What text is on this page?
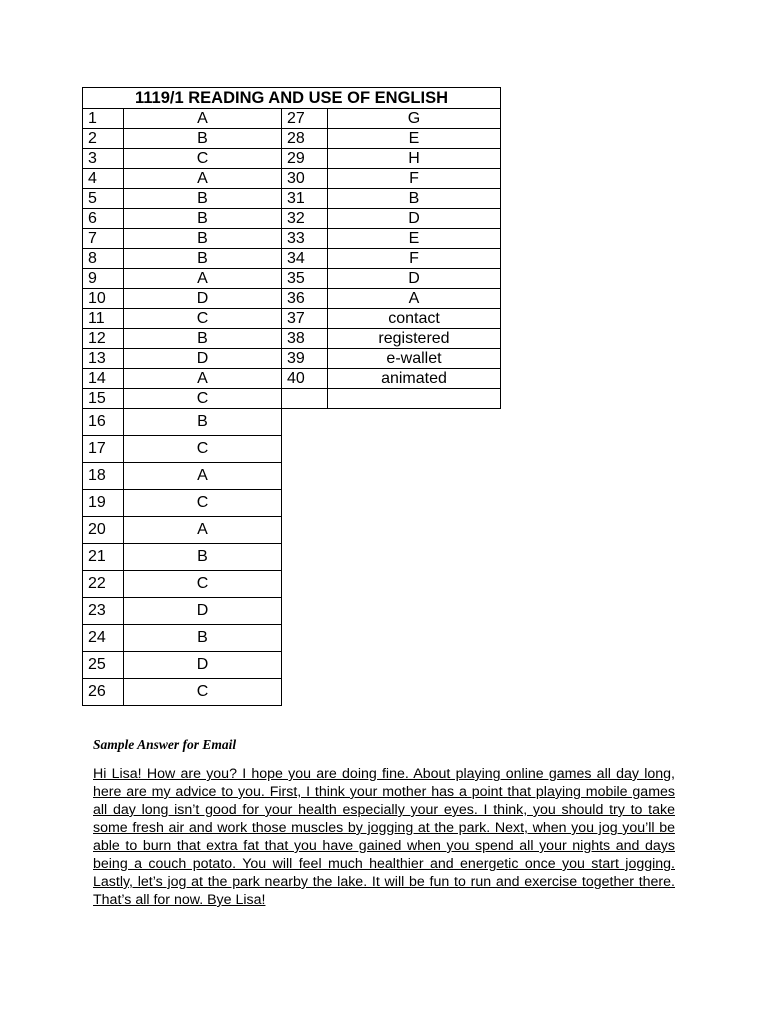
1119/1 READING AND USE OF ENGLISH			
1	A	27	G
2	B	28	E
3	C	29	H
4	A	30	F
5	B	31	B
6	B	32	D
7	B	33	E
8	B	34	F
9	A	35	D
10	D	36	A
11	C	37	contact
12	B	38	registered
13	D	39	e-wallet
14	A	40	animated
15	C		
16	B		
17	C		
18	A		
19	C		
20	A		
21	B		
22	C		
23	D		
24	B		
25	D		
26	C		

Sample Answer for Email

Hi Lisa! How are you? I hope you are doing fine. About playing online games all day long, here are my advice to you. First, I think your mother has a point that playing mobile games all day long isn’t good for your health especially your eyes. I think, you should try to take some fresh air and work those muscles by jogging at the park. Next, when you jog you’ll be able to burn that extra fat that you have gained when you spend all your nights and days being a couch potato. You will feel much healthier and energetic once you start jogging. Lastly, let’s jog at the park nearby the lake. It will be fun to run and exercise together there. That’s all for now. Bye Lisa!
